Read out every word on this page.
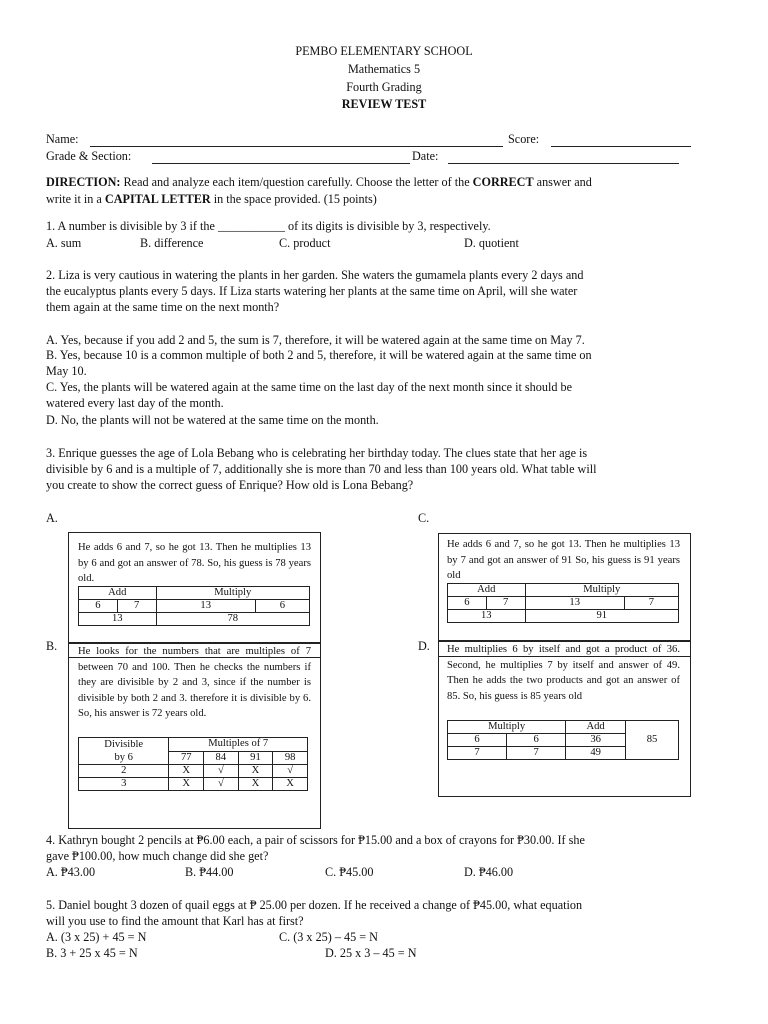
PEMBO ELEMENTARY SCHOOL
Mathematics 5
Fourth Grading
REVIEW TEST
Name:	Score:
Grade & Section:	Date:
DIRECTION: Read and analyze each item/question carefully. Choose the letter of the CORRECT answer and
write it in a CAPITAL LETTER in the space provided. (15 points)
1. A number is divisible by 3 if the ___________ of its digits is divisible by 3, respectively.
A. sum	B. difference	C. product	D. quotient
2. Liza is very cautious in watering the plants in her garden. She waters the gumamela plants every 2 days and
the eucalyptus plants every 5 days. If Liza starts watering her plants at the same time on April, will she water
them again at the same time on the next month?
A. Yes, because if you add 2 and 5, the sum is 7, therefore, it will be watered again at the same time on May 7.
B. Yes, because 10 is a common multiple of both 2 and 5, therefore, it will be watered again at the same time on
May 10.
C. Yes, the plants will be watered again at the same time on the last day of the next month since it should be
watered every last day of the month.
D. No, the plants will not be watered at the same time on the month.
3. Enrique guesses the age of Lola Bebang who is celebrating her birthday today. The clues state that her age is
divisible by 6 and is a multiple of 7, additionally she is more than 70 and less than 100 years old. What table will
you create to show the correct guess of Enrique? How old is Lona Bebang?
A.	C.
B.	D.
He adds 6 and 7, so he got 13. Then he multiplies 13 by 6 and got an answer of 78. So, his guess is 78 years old.
Add		Multiply	
6	7	13	6
13		78	
He looks for the numbers that are multiples of 7 between 70 and 100. Then he checks the numbers if they are divisible by 2 and 3, since if the number is divisible by both 2 and 3. therefore it is divisible by 6. So, his answer is 72 years old.
Divisible
by 6	Multiples of 7			
	77	84	91	98
2	X	√	X	√
3	X	√	X	X
He adds 6 and 7, so he got 13. Then he multiplies 13 by 7 and got an answer of 91 So, his guess is 91 years old
Add		Multiply	
6	7	13	7
13		91	
He multiplies 6 by itself and got a product of 36. Second, he multiplies 7 by itself and answer of 49. Then he adds the two products and got an answer of 85. So, his guess is 85 years old
Multiply		Add	85
6	6	36	
7	7	49	
4. Kathryn bought 2 pencils at ₱6.00 each, a pair of scissors for ₱15.00 and a box of crayons for ₱30.00. If she
gave ₱100.00, how much change did she get?
A. ₱43.00	B. ₱44.00	C. ₱45.00	D. ₱46.00
5. Daniel bought 3 dozen of quail eggs at ₱ 25.00 per dozen. If he received a change of ₱45.00, what equation
will you use to find the amount that Karl has at first?
A. (3 x 25) + 45 = N	C. (3 x 25) – 45 = N
B. 3 + 25 x 45 = N	D. 25 x 3 – 45 = N
